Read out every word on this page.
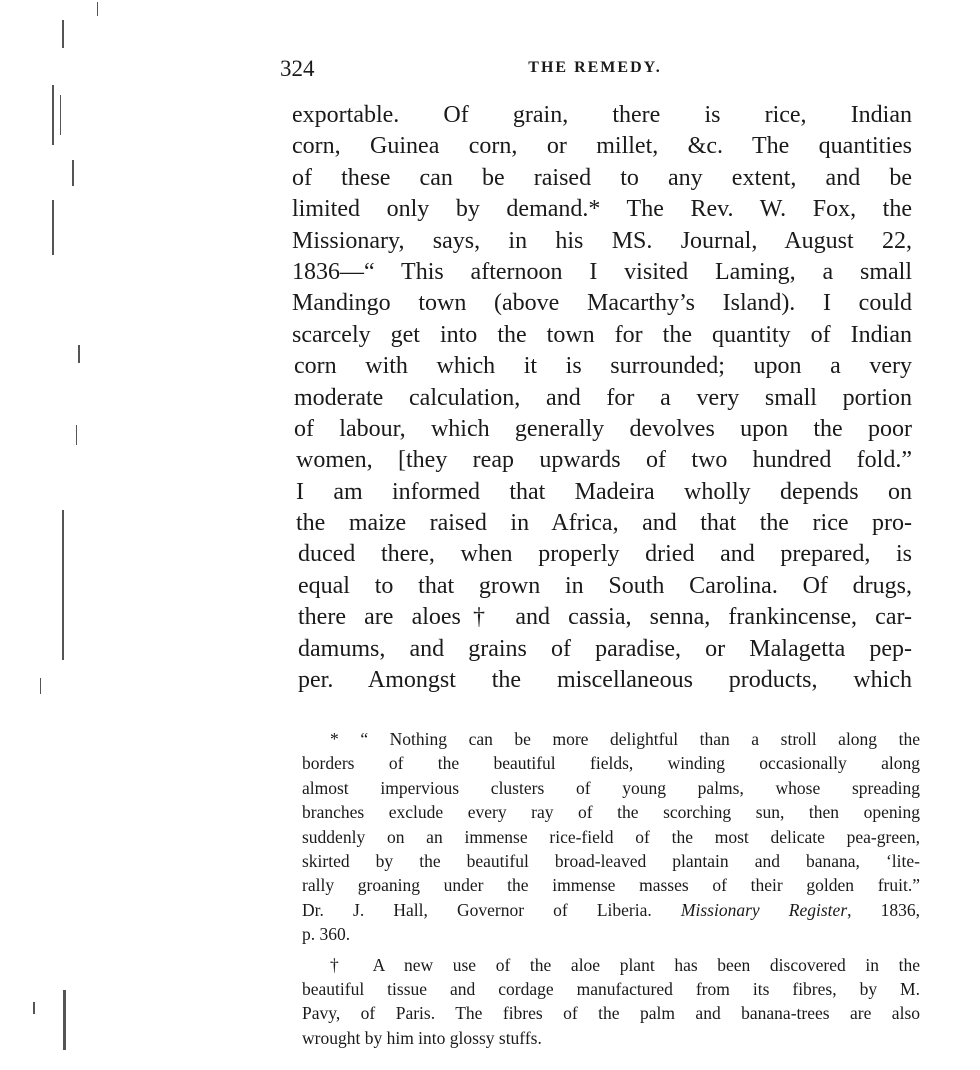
324	THE REMEDY.
exportable. Of grain, there is rice, Indian
corn, Guinea corn, or millet, &c. The quantities
of these can be raised to any extent, and be
limited only by demand.* The Rev. W. Fox, the
Missionary, says, in his MS. Journal, August 22,
1836—“ This afternoon I visited Laming, a small
Mandingo town (above Macarthy’s Island). I could
scarcely get into the town for the quantity of Indian
corn with which it is surrounded; upon a very
moderate calculation, and for a very small portion
of labour, which generally devolves upon the poor
women, [they reap upwards of two hundred fold.”
I am informed that Madeira wholly depends on
the maize raised in Africa, and that the rice pro-
duced there, when properly dried and prepared, is
equal to that grown in South Carolina. Of drugs,
there are aloes† and cassia, senna, frankincense, car-
damums, and grains of paradise, or Malagetta pep-
per. Amongst the miscellaneous products, which
* “ Nothing can be more delightful than a stroll along the
borders of the beautiful fields, winding occasionally along
almost impervious clusters of young palms, whose spreading
branches exclude every ray of the scorching sun, then opening
suddenly on an immense rice-field of the most delicate pea-green,
skirted by the beautiful broad-leaved plantain and banana, ‘lite-
rally groaning under the immense masses of their golden fruit.”
Dr. J. Hall, Governor of Liberia. Missionary Register, 1836,
p. 360.
† A new use of the aloe plant has been discovered in the
beautiful tissue and cordage manufactured from its fibres, by M.
Pavy, of Paris. The fibres of the palm and banana-trees are also
wrought by him into glossy stuffs.
